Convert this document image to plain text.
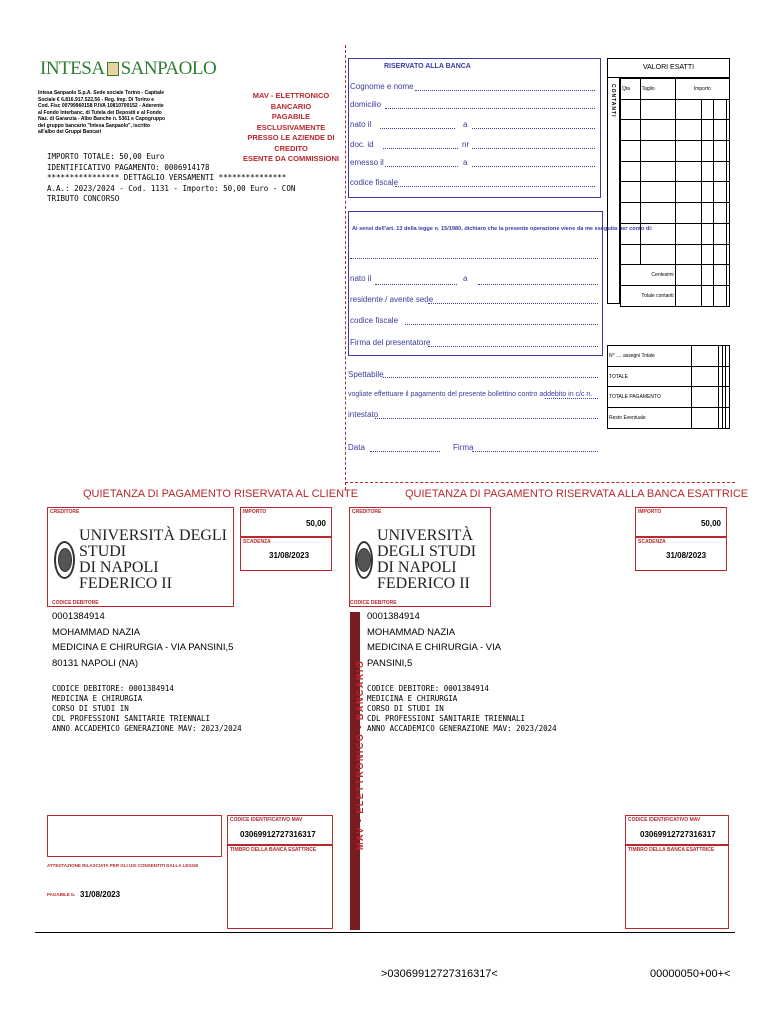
INTESA SANPAOLO
Intesa Sanpaolo S.p.A. Sede sociale Torino - Capitale Sociale € 6.816.917.522,56 - Reg. Imp. Di Torino e Cod. Fisc 00799960158 P.IVA 10810700152 - Aderente al Fondo Interbanc. di Tutela dei Depositi e al Fondo Naz. di Garanzia - Albo Banche n. 5361 e Capogruppo del gruppo bancario "Intesa Sanpaolo", iscritto all'albo dei Gruppi Bancari
MAV - ELETTRONICO BANCARIO
PAGABILE ESCLUSIVAMENTE
PRESSO LE AZIENDE DI CREDITO
ESENTE DA COMMISSIONI
IMPORTO TOTALE: 50,00 Euro
IDENTIFICATIVO PAGAMENTO: 0006914178
**************** DETTAGLIO VERSAMENTI ***************
A.A.: 2023/2024 - Cod. 1131 - Importo: 50,00 Euro - CON
TRIBUTO CONCORSO
RISERVATO ALLA BANCA
Cognome e nome
domicilio
nato il	a
doc. id	nr
emesso il	a
codice fiscale
Ai sensi dell'art. 13 della legge n. 15/1980, dichiaro che la presente operazione viene da me eseguita per conto di:
nato il	a
residente / avente sede
codice fiscale
Firma del presentatore
Spettabile
vogliate effettuare il pagamento del presente bollettino contro addebito in c/c n.
intestato
Data	Firma
VALORI ESATTI
CONTANTI Qta	Taglio	Importo			

Centesimi					
Totale contanti					
N° .... assegni Totale				
TOTALE				
TOTALE PAGAMENTO				
Resto Eventuale				
QUIETANZA DI PAGAMENTO RISERVATA AL CLIENTE
CREDITORE
UNIVERSITÀ DEGLI STUDI
DI NAPOLI FEDERICO II
IMPORTO
50,00
SCADENZA
31/08/2023
CODICE DEBITORE
0001384914
MOHAMMAD NAZIA
MEDICINA E CHIRURGIA - VIA PANSINI,5
80131 NAPOLI (NA)
CODICE DEBITORE: 0001384914
MEDICINA E CHIRURGIA
CORSO DI STUDI IN
CDL PROFESSIONI SANITARIE TRIENNALI
ANNO ACCADEMICO GENERAZIONE MAV: 2023/2024
ATTESTAZIONE RILASCIATA PER GLI USI CONSENTITI DALLA LEGGE
PAGABILE IL 31/08/2023
CODICE IDENTIFICATIVO MAV
03069912727316317
TIMBRO DELLA BANCA ESATTRICE	MAV - ELETTRONICO - BANCARIO
QUIETANZA DI PAGAMENTO RISERVATA ALLA BANCA ESATTRICE
CREDITORE
UNIVERSITÀ DEGLI STUDI
DI NAPOLI FEDERICO II
IMPORTO
50,00
SCADENZA
31/08/2023
CODICE DEBITORE
0001384914
MOHAMMAD NAZIA
MEDICINA E CHIRURGIA - VIA
PANSINI,5
CODICE DEBITORE: 0001384914
MEDICINA E CHIRURGIA
CORSO DI STUDI IN
CDL PROFESSIONI SANITARIE TRIENNALI
ANNO ACCADEMICO GENERAZIONE MAV: 2023/2024
CODICE IDENTIFICATIVO MAV
03069912727316317
TIMBRO DELLA BANCA ESATTRICE
>03069912727316317<	00000050+00+<
